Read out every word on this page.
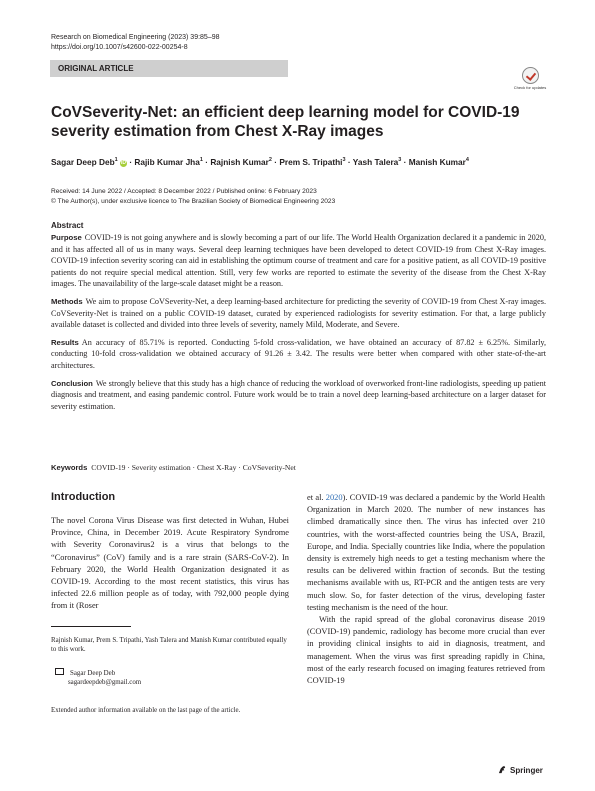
Research on Biomedical Engineering (2023) 39:85–98
https://doi.org/10.1007/s42600-022-00254-8
ORIGINAL ARTICLE
Check for updates
CoVSeverity-Net: an efficient deep learning model for COVID-19
severity estimation from Chest X-Ray images
Sagar Deep Deb$^1$ iD · Rajib Kumar Jha$^1$ · Rajnish Kumar$^2$ · Prem S. Tripathi$^3$ · Yash Talera$^3$ · Manish Kumar$^4$
Received: 14 June 2022 / Accepted: 8 December 2022 / Published online: 6 February 2023
© The Author(s), under exclusive licence to The Brazilian Society of Biomedical Engineering 2023
Abstract

Purpose COVID-19 is not going anywhere and is slowly becoming a part of our life. The World Health Organization declared it a pandemic in 2020, and it has affected all of us in many ways. Several deep learning techniques have been developed to detect COVID-19 from Chest X-Ray images. COVID-19 infection severity scoring can aid in establishing the optimum course of treatment and care for a positive patient, as all COVID-19 positive patients do not require special medical attention. Still, very few works are reported to estimate the severity of the disease from the Chest X-Ray images. The unavailability of the large-scale dataset might be a reason.

Methods We aim to propose CoVSeverity-Net, a deep learning-based architecture for predicting the severity of COVID-19 from Chest X-ray images. CoVSeverity-Net is trained on a public COVID-19 dataset, curated by experienced radiologists for severity estimation. For that, a large publicly available dataset is collected and divided into three levels of severity, namely Mild, Moderate, and Severe.

Results An accuracy of 85.71% is reported. Conducting 5-fold cross-validation, we have obtained an accuracy of 87.82 ± 6.25%. Similarly, conducting 10-fold cross-validation we obtained accuracy of 91.26 ± 3.42. The results were better when compared with other state-of-the-art architectures.

Conclusion We strongly believe that this study has a high chance of reducing the workload of overworked front-line radiologists, speeding up patient diagnosis and treatment, and easing pandemic control. Future work would be to train a novel deep learning-based architecture on a larger dataset for severity estimation.

Keywords COVID-19 · Severity estimation · Chest X-Ray · CoVSeverity-Net
Introduction

The novel Corona Virus Disease was first detected in Wuhan, Hubei Province, China, in December 2019. Acute Respiratory Syndrome with Severity Coronavirus2 is a virus that belongs to the “Coronavirus” (CoV) family and is a rare strain (SARS-CoV-2). In February 2020, the World Health Organization designated it as COVID-19. According to the most recent statistics, this virus has infected 22.6 million people as of today, with 792,000 people dying from it (Roser

Rajnish Kumar, Prem S. Tripathi, Yash Talera and Manish Kumar contributed equally to this work.
Sagar Deep Deb
sagardeepdeb@gmail.com
Extended author information available on the last page of the article.

et al. 2020). COVID-19 was declared a pandemic by the World Health Organization in March 2020. The number of new instances has climbed dramatically since then. The virus has infected over 210 countries, with the worst-affected countries being the USA, Brazil, Europe, and India. Specially countries like India, where the population density is extremely high needs to get a testing mechanism where the results can be delivered within fraction of seconds. But the testing mechanisms available with us, RT-PCR and the antigen tests are very much slow. So, for faster detection of the virus, developing faster testing mechanism is the need of the hour.

With the rapid spread of the global coronavirus disease 2019 (COVID-19) pandemic, radiology has become more crucial than ever in providing clinical insights to aid in diagnosis, treatment, and management. When the virus was first spreading rapidly in China, most of the early research focused on imaging features retrieved from COVID-19

Springer
